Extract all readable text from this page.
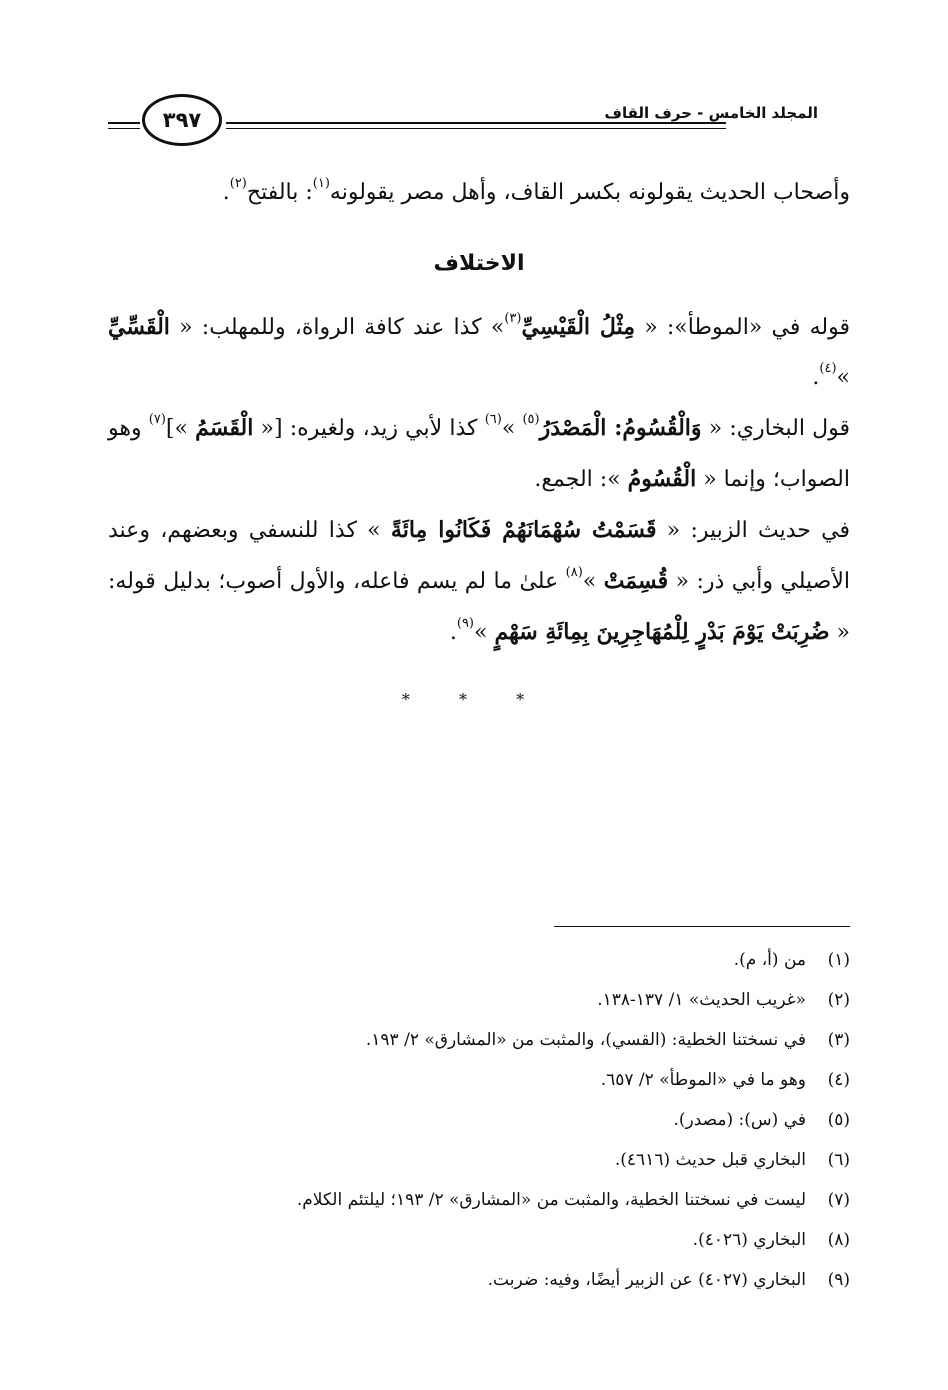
المجلد الخامس - حرف القاف
٣٩٧

وأصحاب الحديث يقولونه بكسر القاف، وأهل مصر يقولونه$^{(١)}$: بالفتح$^{(٢)}$.

الاختلاف

قوله في «الموطأ»: « مِثْلُ الْقَيْسِيِّ$^{(٣)}$» كذا عند كافة الرواة، وللمهلب: « الْقَسِّيِّ »$^{(٤)}$.

قول البخاري: « وَالْقُسُومُ: الْمَصْدَرُ$^{(٥)}$ »$^{(٦)}$ كذا لأبي زيد، ولغيره: [« الْقَسَمُ »]$^{(٧)}$ وهو الصواب؛ وإنما « الْقُسُومُ »: الجمع.

في حديث الزبير: « قَسَمْتُ سُهْمَانَهُمْ فَكَانُوا مِائَةً » كذا للنسفي وبعضهم، وعند الأصيلي وأبي ذر: « قُسِمَتْ »$^{(٨)}$ علىٰ ما لم يسم فاعله، والأول أصوب؛ بدليل قوله: « ضُرِبَتْ يَوْمَ بَدْرٍ لِلْمُهَاجِرِينَ بِمِائَةِ سَهْمٍ »$^{(٩)}$.

* * *
(١)من (أ، م).
(٢)«غريب الحديث» ١/ ١٣٧-١٣٨.
(٣)في نسختنا الخطية: (القسي)، والمثبت من «المشارق» ٢/ ١٩٣.
(٤)وهو ما في «الموطأ» ٢/ ٦٥٧.
(٥)في (س): (مصدر).
(٦)البخاري قبل حديث (٤٦١٦).
(٧)ليست في نسختنا الخطية، والمثبت من «المشارق» ٢/ ١٩٣؛ ليلتئم الكلام.
(٨)البخاري (٤٠٢٦).
(٩)البخاري (٤٠٢٧) عن الزبير أيضًا، وفيه: ضربت.
